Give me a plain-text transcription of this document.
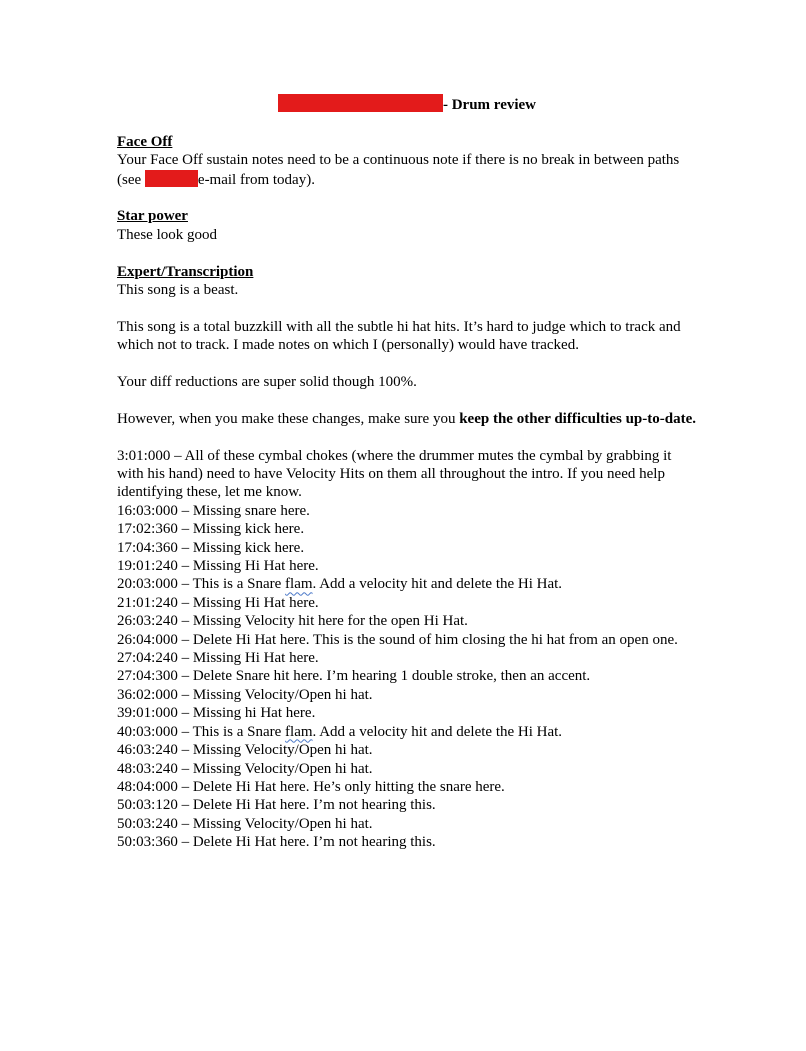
- Drum review
Face Off

Your Face Off sustain notes need to be a continuous note if there is no break in between paths (see	e-mail from today).

Star power

These look good

Expert/Transcription

This song is a beast.

This song is a total buzzkill with all the subtle hi hat hits. It’s hard to judge which to track and which not to track. I made notes on which I (personally) would have tracked.

Your diff reductions are super solid though 100%.

However, when you make these changes, make sure you keep the other difficulties up-to-date.

3:01:000 – All of these cymbal chokes (where the drummer mutes the cymbal by grabbing it with his hand) need to have Velocity Hits on them all throughout the intro. If you need help identifying these, let me know.

16:03:000 – Missing snare here.

17:02:360 – Missing kick here.

17:04:360 – Missing kick here.

19:01:240 – Missing Hi Hat here.

20:03:000 – This is a Snare flam. Add a velocity hit and delete the Hi Hat.

21:01:240 – Missing Hi Hat here.

26:03:240 – Missing Velocity hit here for the open Hi Hat.

26:04:000 – Delete Hi Hat here. This is the sound of him closing the hi hat from an open one.

27:04:240 – Missing Hi Hat here.

27:04:300 – Delete Snare hit here. I’m hearing 1 double stroke, then an accent.

36:02:000 – Missing Velocity/Open hi hat.

39:01:000 – Missing hi Hat here.

40:03:000 – This is a Snare flam. Add a velocity hit and delete the Hi Hat.

46:03:240 – Missing Velocity/Open hi hat.

48:03:240 – Missing Velocity/Open hi hat.

48:04:000 – Delete Hi Hat here. He’s only hitting the snare here.

50:03:120 – Delete Hi Hat here. I’m not hearing this.

50:03:240 – Missing Velocity/Open hi hat.

50:03:360 – Delete Hi Hat here. I’m not hearing this.
